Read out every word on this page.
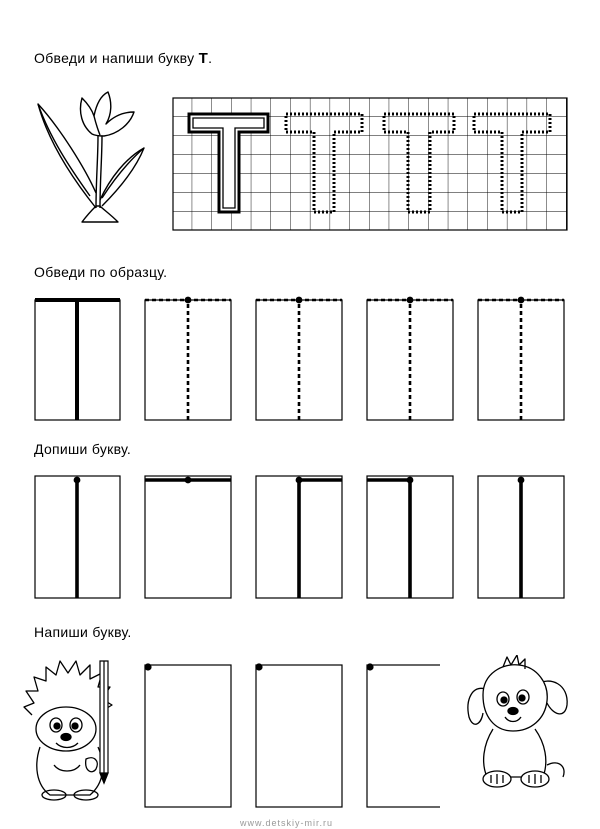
Обведи и напиши букву Т.
Обведи по образцу.
Допиши букву.
Напиши букву.
www.detskiy-mir.ru
